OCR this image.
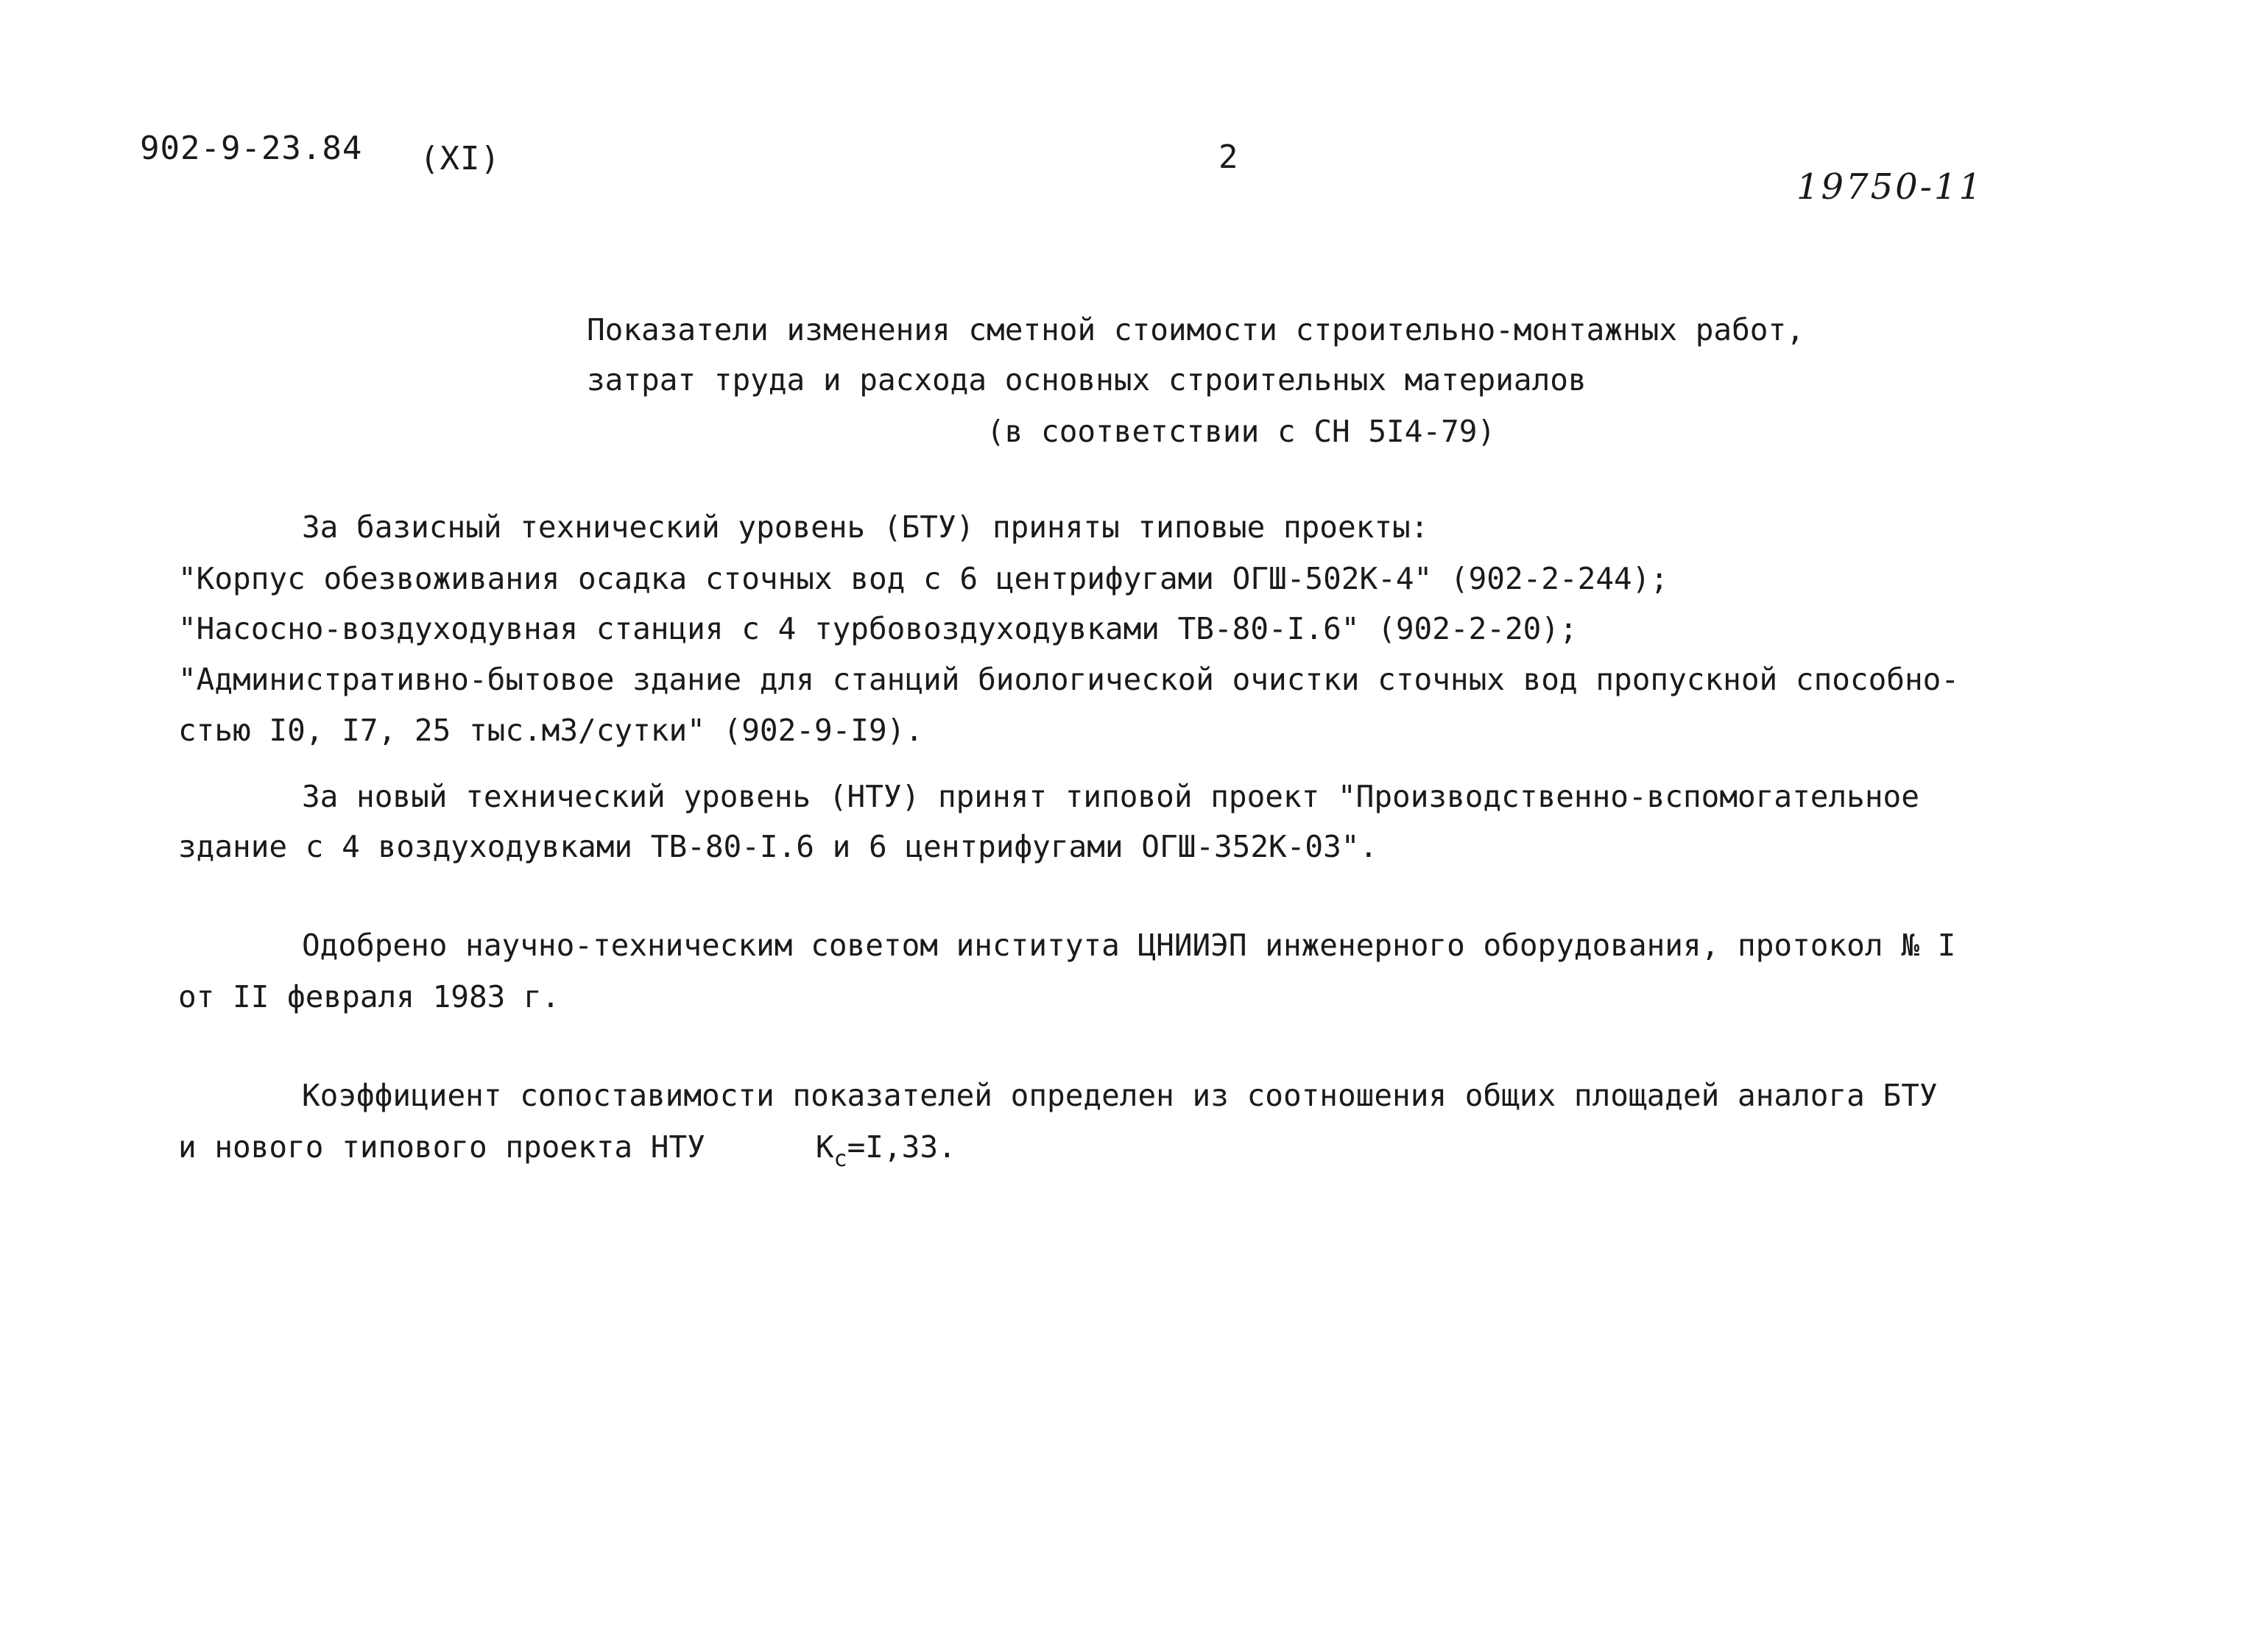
902-9-23.84 (XI)	2
19750-11
Показатели изменения сметной стоимости строительно-монтажных работ,
затрат труда и расхода основных строительных материалов
(в соответствии с СН 5I4-79)
За базисный технический уровень (БТУ) приняты типовые проекты:
"Корпус обезвоживания осадка сточных вод с 6 центрифугами ОГШ-502К-4" (902-2-244);
"Насосно-воздуходувная станция с 4 турбовоздуходувками ТВ-80-I.6" (902-2-20);
"Административно-бытовое здание для станций биологической очистки сточных вод пропускной способно-
стью I0, I7, 25 тыс.м3/сутки" (902-9-I9).
За новый технический уровень (НТУ) принят типовой проект "Производственно-вспомогательное
здание с 4 воздуходувками ТВ-80-I.6 и 6 центрифугами ОГШ-352К-03".
Одобрено научно-техническим советом института ЦНИИЭП инженерного оборудования, протокол № I
от II февраля 1983 г.
Коэффициент сопоставимости показателей определен из соотношения общих площадей аналога БТУ
и нового типового проекта НТУ	$К_с=I,33$.
